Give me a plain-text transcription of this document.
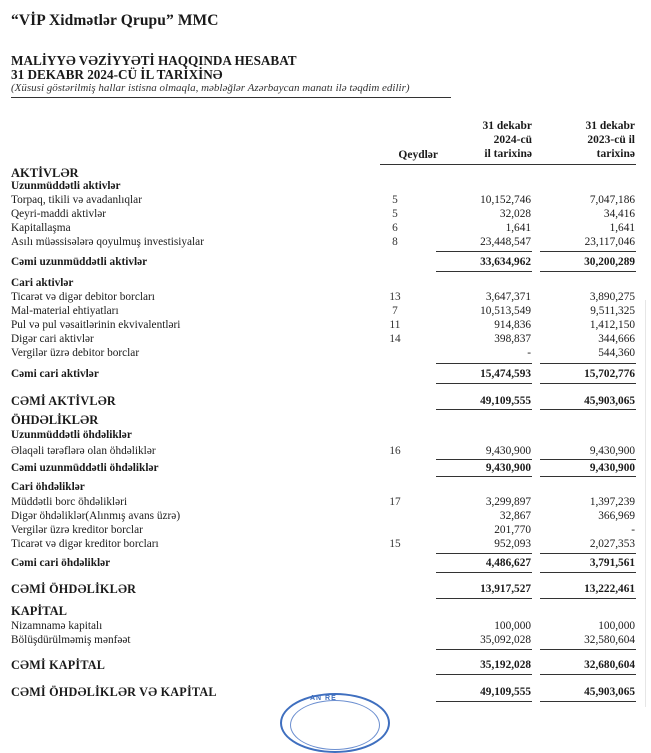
“VİP Xidmətlər Qrupu” MMC
MALİYYƏ VƏZİYYƏTİ HAQQINDA HESABAT
31 DEKABR 2024-CÜ İL TARİXİNƏ
(Xüsusi göstərilmiş hallar istisna olmaqla, məbləğlər Azərbaycan manatı ilə təqdim edilir)
Qeydlər
31 dekabr
2024-cü
il tarixinə
31 dekabr
2023-cü il
tarixinə
AKTİVLƏR
Uzunmüddətli aktivlər
Torpaq, tikili və avadanlıqlar	5	10,152,746	7,047,186
Qeyri-maddi aktivlər	5	32,028	34,416
Kapitallaşma	6	1,641	1,641
Asılı müəssisələrə qoyulmuş investisiyalar	8	23,448,547	23,117,046
Cəmi uzunmüddətli aktivlər	33,634,962	30,200,289
Cari aktivlər
Ticarət və digər debitor borcları	13	3,647,371	3,890,275
Mal-material ehtiyatları	7	10,513,549	9,511,325
Pul və pul vəsaitlərinin ekvivalentləri	11	914,836	1,412,150
Digər cari aktivlər	14	398,837	344,666
Vergilər üzrə debitor borclar	-	544,360
Cəmi cari aktivlər	15,474,593	15,702,776
CƏMİ AKTİVLƏR	49,109,555	45,903,065
ÖHDƏLİKLƏR
Uzunmüddətli öhdəliklər
Əlaqəli tərəflərə olan öhdəliklər	16	9,430,900	9,430,900
Cəmi uzunmüddətli öhdəliklər	9,430,900	9,430,900
Cari öhdəliklər
Müddətli borc öhdəlikləri	17	3,299,897	1,397,239
Digər öhdəliklər(Alınmış avans üzrə)	32,867	366,969
Vergilər üzrə kreditor borclar	201,770	-
Ticarət və digər kreditor borcları	15	952,093	2,027,353
Cəmi cari öhdəliklər	4,486,627	3,791,561
CƏMİ ÖHDƏLİKLƏR	13,917,527	13,222,461
KAPİTAL
Nizamnamə kapitalı	100,000	100,000
Bölüşdürülməmiş mənfəət	35,092,028	32,580,604
CƏMİ KAPİTAL	35,192,028	32,680,604
CƏMİ ÖHDƏLİKLƏR VƏ KAPİTAL	49,109,555	45,903,065
AN RE
